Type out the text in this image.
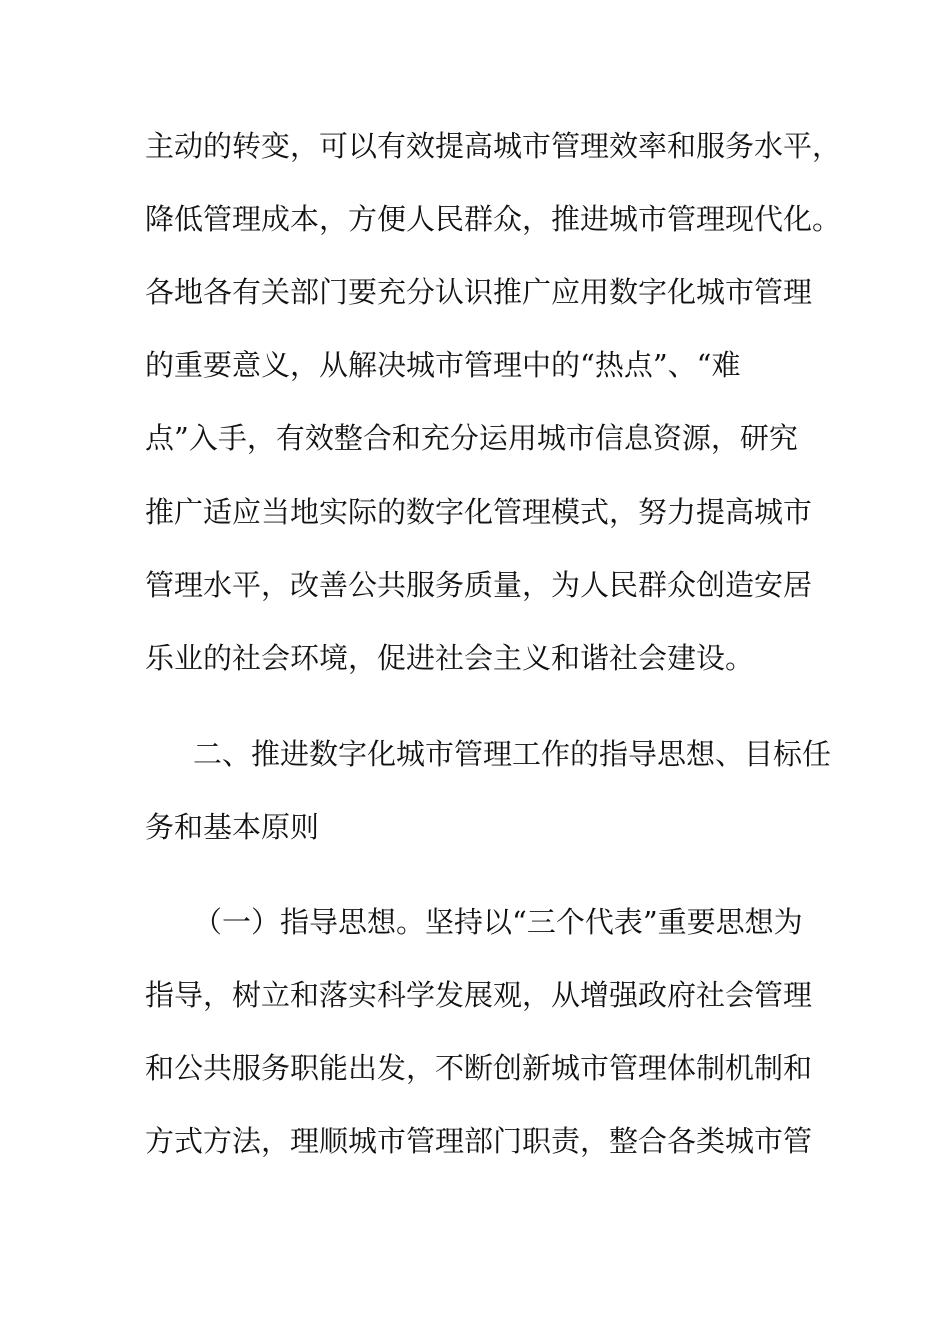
主动的转变，可以有效提高城市管理效率和服务水平，
降低管理成本，方便人民群众，推进城市管理现代化。
各地各有关部门要充分认识推广应用数字化城市管理
的重要意义，从解决城市管理中的“热点”、“难
点”入手，有效整合和充分运用城市信息资源，研究
推广适应当地实际的数字化管理模式，努力提高城市
管理水平，改善公共服务质量，为人民群众创造安居
乐业的社会环境，促进社会主义和谐社会建设。
二、推进数字化城市管理工作的指导思想、目标任
务和基本原则
（一）指导思想。坚持以“三个代表”重要思想为
指导，树立和落实科学发展观，从增强政府社会管理
和公共服务职能出发，不断创新城市管理体制机制和
方式方法，理顺城市管理部门职责，整合各类城市管
